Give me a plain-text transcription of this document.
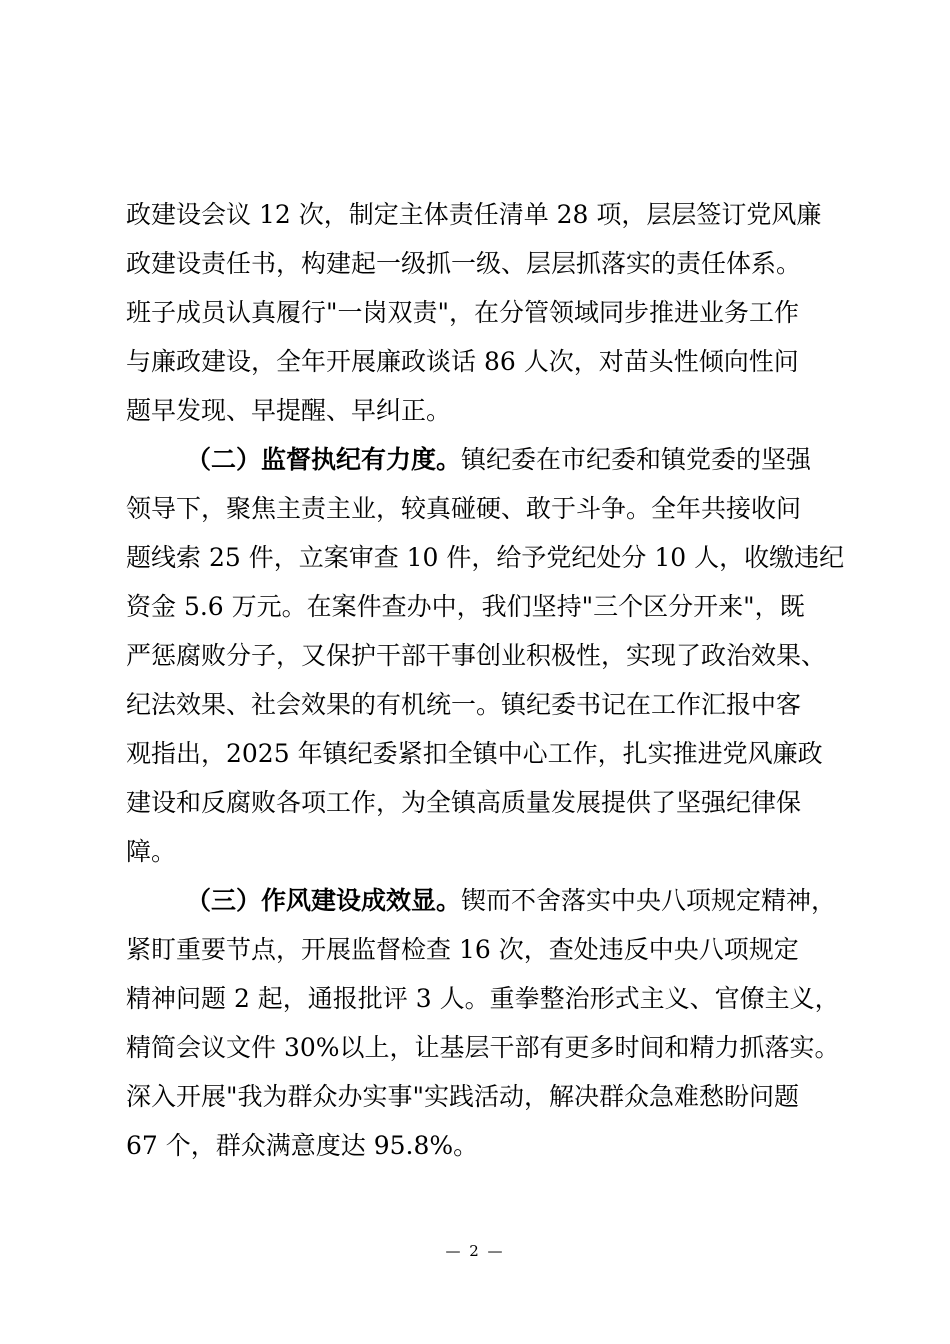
政建设会议 12 次，制定主体责任清单 28 项，层层签订党风廉
政建设责任书，构建起一级抓一级、层层抓落实的责任体系。
班子成员认真履行"一岗双责"，在分管领域同步推进业务工作
与廉政建设，全年开展廉政谈话 86 人次，对苗头性倾向性问
题早发现、早提醒、早纠正。
（二）监督执纪有力度。镇纪委在市纪委和镇党委的坚强
领导下，聚焦主责主业，较真碰硬、敢于斗争。全年共接收问
题线索 25 件，立案审查 10 件，给予党纪处分 10 人，收缴违纪
资金 5.6 万元。在案件查办中，我们坚持"三个区分开来"，既
严惩腐败分子，又保护干部干事创业积极性，实现了政治效果、
纪法效果、社会效果的有机统一。镇纪委书记在工作汇报中客
观指出，2025 年镇纪委紧扣全镇中心工作，扎实推进党风廉政
建设和反腐败各项工作，为全镇高质量发展提供了坚强纪律保
障。
（三）作风建设成效显。锲而不舍落实中央八项规定精神，
紧盯重要节点，开展监督检查 16 次，查处违反中央八项规定
精神问题 2 起，通报批评 3 人。重拳整治形式主义、官僚主义，
精简会议文件 30%以上，让基层干部有更多时间和精力抓落实。
深入开展"我为群众办实事"实践活动，解决群众急难愁盼问题
67 个，群众满意度达 95.8%。
— 2 —
